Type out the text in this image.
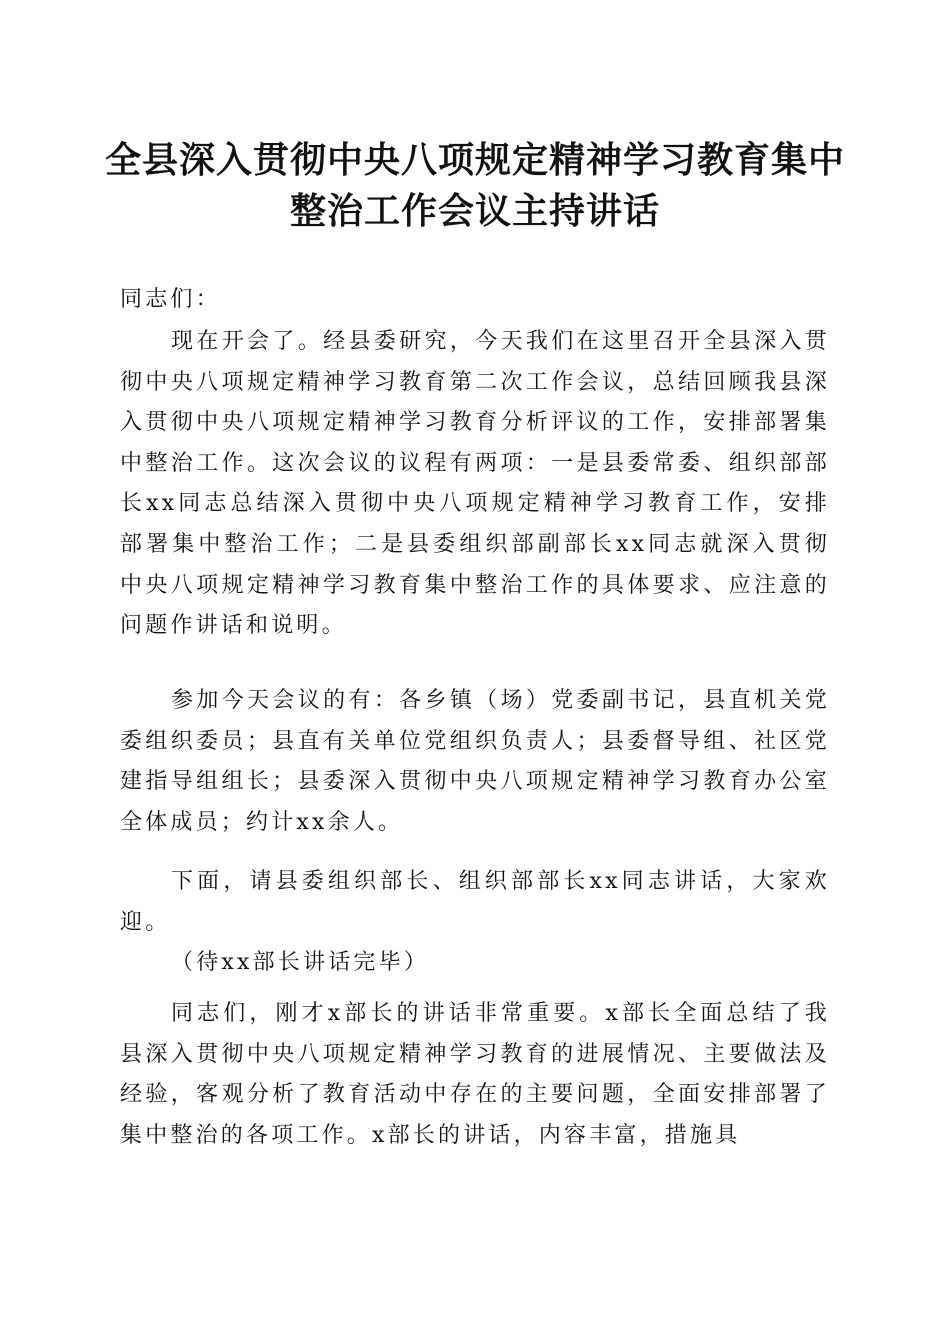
全县深入贯彻中央八项规定精神学习教育集中
整治工作会议主持讲话

同志们：

现在开会了。经县委研究，今天我们在这里召开全县深入贯彻中央八项规定精神学习教育第二次工作会议，总结回顾我县深入贯彻中央八项规定精神学习教育分析评议的工作，安排部署集中整治工作。这次会议的议程有两项：一是县委常委、组织部部长xx同志总结深入贯彻中央八项规定精神学习教育工作，安排部署集中整治工作；二是县委组织部副部长xx同志就深入贯彻中央八项规定精神学习教育集中整治工作的具体要求、应注意的问题作讲话和说明。

参加今天会议的有：各乡镇（场）党委副书记，县直机关党委组织委员；县直有关单位党组织负责人；县委督导组、社区党建指导组组长；县委深入贯彻中央八项规定精神学习教育办公室全体成员；约计xx余人。

下面，请县委组织部长、组织部部长xx同志讲话，大家欢迎。

（待xx部长讲话完毕）

同志们，刚才x部长的讲话非常重要。x部长全面总结了我县深入贯彻中央八项规定精神学习教育的进展情况、主要做法及经验，客观分析了教育活动中存在的主要问题，全面安排部署了集中整治的各项工作。x部长的讲话，内容丰富，措施具
